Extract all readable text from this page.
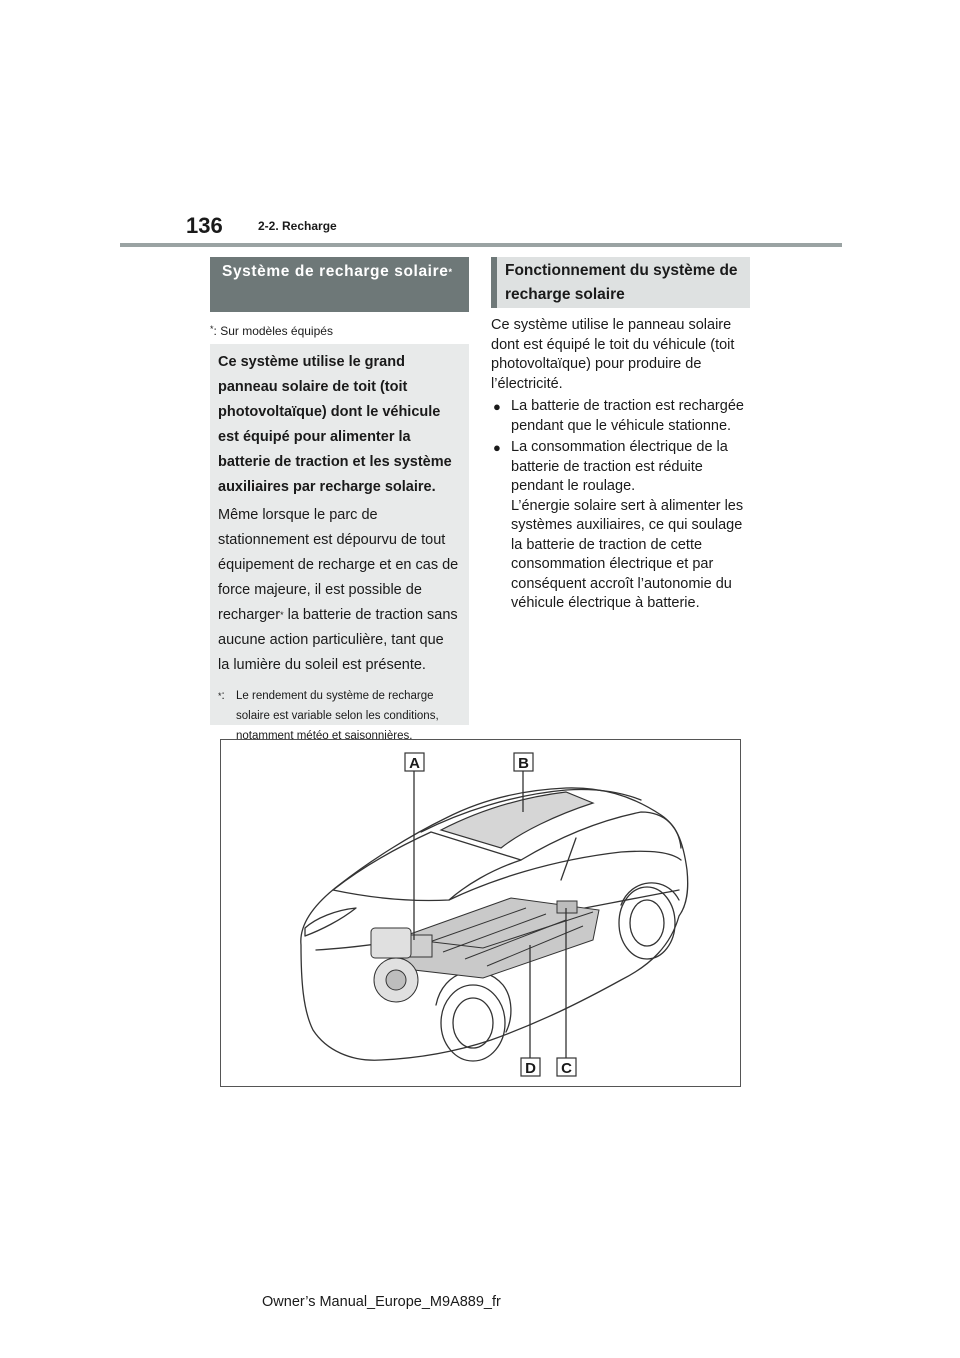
136	2-2. Recharge
Système de recharge solaire*
*: Sur modèles équipés

Ce système utilise le grand panneau solaire de toit (toit photovoltaïque) dont le véhicule est équipé pour alimenter la batterie de traction et les système auxiliaires par recharge solaire.

Même lorsque le parc de stationnement est dépourvu de tout équipement de recharge et en cas de force majeure, il est possible de recharger* la batterie de traction sans aucune action particulière, tant que la lumière du soleil est présente.

*: Le rendement du système de recharge solaire est variable selon les conditions, notamment météo et saisonnières.
Fonctionnement du système de recharge solaire

Ce système utilise le panneau solaire dont est équipé le toit du véhicule (toit photovoltaïque) pour produire de l’électricité.

● La batterie de traction est rechargée pendant que le véhicule stationne.
● La consommation électrique de la batterie de traction est réduite pendant le roulage.
L’énergie solaire sert à alimenter les systèmes auxiliaires, ce qui soulage la batterie de traction de cette consommation électrique et par conséquent accroît l’autonomie du véhicule électrique à batterie.
A	B
D C
Owner’s Manual_Europe_M9A889_fr
